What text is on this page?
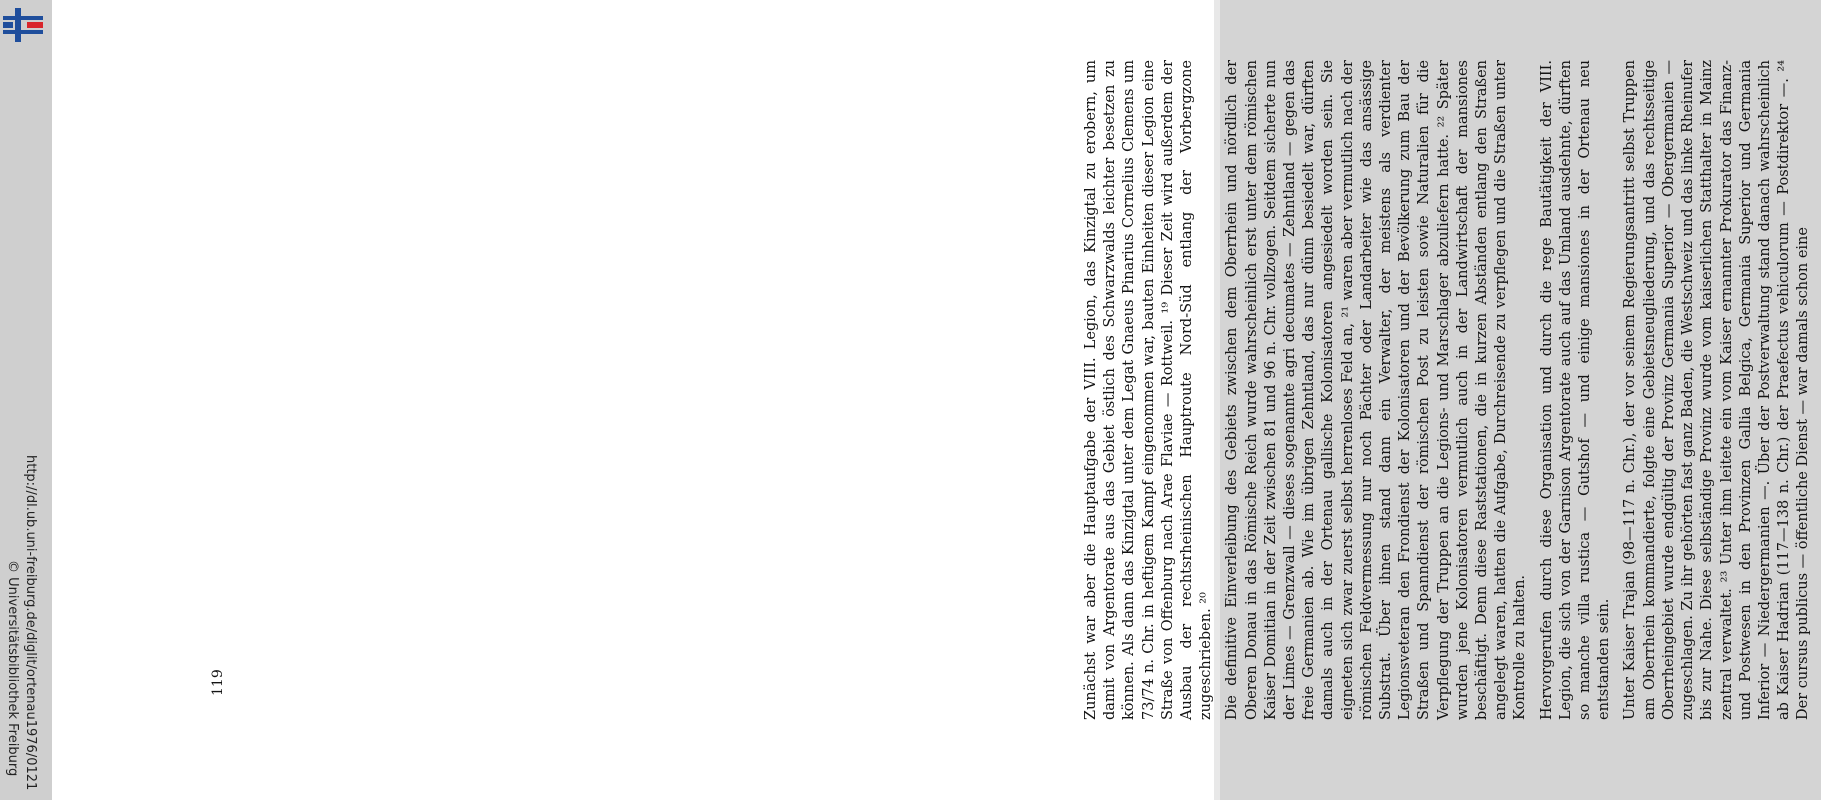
http://dl.ub.uni-freiburg.de/diglit/ortenau1976/0121
© Universitätsbibliothek Freiburg	Zunächst war aber die Hauptaufgabe der VIII. Legion, das Kinzigtal zu erobern, um damit von Argentorate aus das Gebiet östlich des Schwarzwalds leichter besetzen zu können. Als dann das Kinzigtal unter dem Legat Gnaeus Pinarius Cornelius Clemens um 73/74 n. Chr. in heftigem Kampf eingenommen war, bauten Einheiten dieser Legion eine Straße von Offenburg nach Arae Flaviae — Rottweil. ¹⁹ Dieser Zeit wird außerdem der Ausbau der rechtsrheinischen Hauptroute Nord-Süd entlang der Vorbergzone zugeschrieben. ²⁰ Die definitive Einverleibung des Gebiets zwischen dem Oberrhein und nördlich der Oberen Donau in das Römische Reich wurde wahrscheinlich erst unter dem römischen Kaiser Domitian in der Zeit zwischen 81 und 96 n. Chr. vollzogen. Seitdem sicherte nun der Limes — Grenzwall — dieses sogenannte agri decumates — Zehntland — gegen das freie Germanien ab. Wie im übrigen Zehntland, das nur dünn besiedelt war, dürften damals auch in der Ortenau gallische Kolonisatoren angesiedelt worden sein. Sie eigneten sich zwar zuerst selbst herrenloses Feld an, ²¹ waren aber vermutlich nach der römischen Feldvermessung nur noch Pächter oder Landarbeiter wie das ansässige Substrat. Über ihnen stand dann ein Verwalter, der meistens als verdienter Legionsveteran den Frondienst der Kolonisatoren und der Bevölkerung zum Bau der Straßen und Spanndienst der römischen Post zu leisten sowie Naturalien für die Verpflegung der Truppen an die Legions- und Marschlager abzuliefern hatte. ²² Später wurden jene Kolonisatoren vermutlich auch in der Landwirtschaft der mansiones beschäftigt. Denn diese Raststationen, die in kurzen Abständen entlang den Straßen angelegt waren, hatten die Aufgabe, Durchreisende zu verpflegen und die Straßen unter Kontrolle zu halten. Hervorgerufen durch diese Organisation und durch die rege Bautätigkeit der VIII. Legion, die sich von der Garnison Argentorate auch auf das Umland ausdehnte, dürften so manche villa rustica — Gutshof — und einige mansiones in der Ortenau neu entstanden sein. Unter Kaiser Trajan (98—117 n. Chr.), der vor seinem Regierungsantritt selbst Truppen am Oberrhein kommandierte, folgte eine Gebietsneugliederung, und das rechtsseitige Oberrheingebiet wurde endgültig der Provinz Germania Superior — Obergermanien — zugeschlagen. Zu ihr gehörten fast ganz Baden, die Westschweiz und das linke Rheinufer bis zur Nahe. Diese selbständige Provinz wurde vom kaiserlichen Statthalter in Mainz zentral verwaltet. ²³ Unter ihm leitete ein vom Kaiser ernannter Prokurator das Finanz- und Postwesen in den Provinzen Gallia Belgica, Germania Superior und Germania Inferior — Niedergermanien —. Über der Postverwaltung stand danach wahrscheinlich ab Kaiser Hadrian (117—138 n. Chr.) der Praefectus vehiculorum — Postdirektor —. ²⁴ Der cursus publicus — öffentliche Dienst — war damals schon eine

119
